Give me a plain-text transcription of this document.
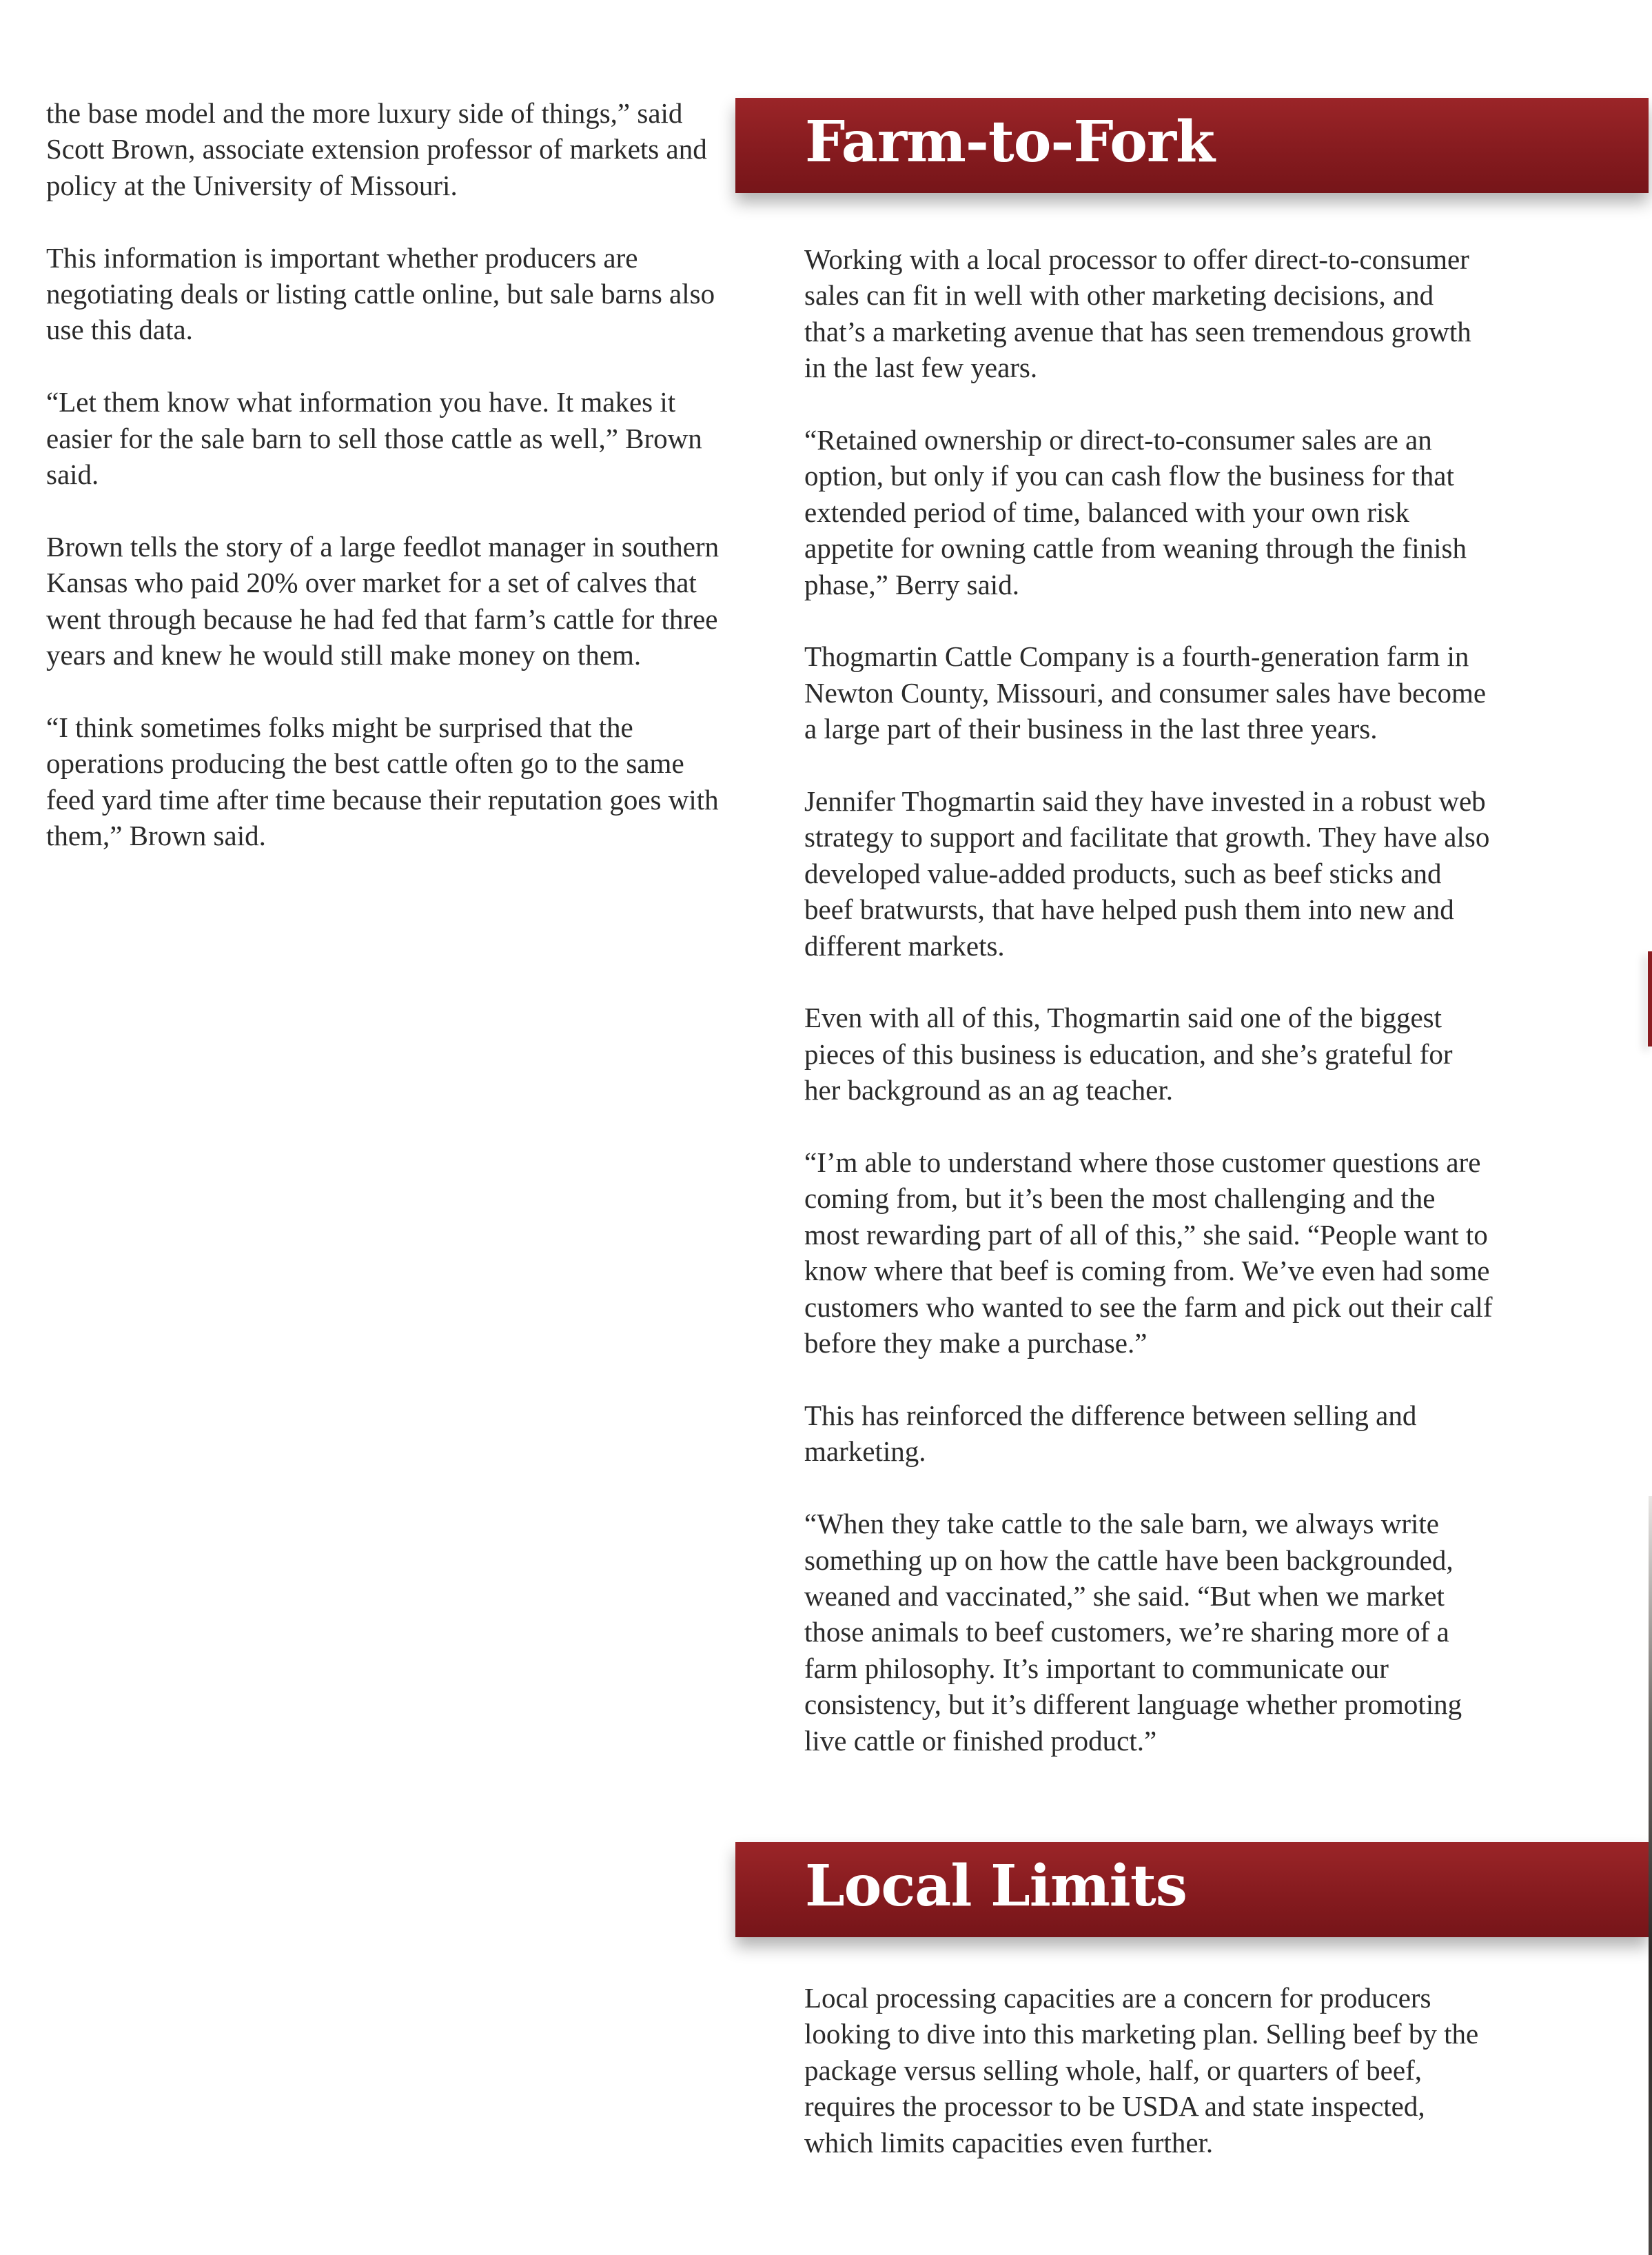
the base model and the more luxury side of things,” said Scott Brown, associate extension professor of markets and policy at the University of Missouri.

This information is important whether producers are negotiating deals or listing cattle online, but sale barns also use this data.

“Let them know what information you have. It makes it easier for the sale barn to sell those cattle as well,” Brown said.

Brown tells the story of a large feedlot manager in southern Kansas who paid 20% over market for a set of calves that went through because he had fed that farm’s cattle for three years and knew he would still make money on them.

“I think sometimes folks might be surprised that the operations producing the best cattle often go to the same feed yard time after time because their reputation goes with them,” Brown said.

Farm-to-Fork

Working with a local processor to offer direct-to-consumer sales can fit in well with other marketing decisions, and that’s a marketing avenue that has seen tremendous growth in the last few years.

“Retained ownership or direct-to-consumer sales are an option, but only if you can cash flow the business for that extended period of time, balanced with your own risk appetite for owning cattle from weaning through the finish phase,” Berry said.

Thogmartin Cattle Company is a fourth-generation farm in Newton County, Missouri, and consumer sales have become a large part of their business in the last three years.

Jennifer Thogmartin said they have invested in a robust web strategy to support and facilitate that growth. They have also developed value-added products, such as beef sticks and beef bratwursts, that have helped push them into new and different markets.

Even with all of this, Thogmartin said one of the biggest pieces of this business is education, and she’s grateful for her background as an ag teacher.

“I’m able to understand where those customer questions are coming from, but it’s been the most challenging and the most rewarding part of all of this,” she said. “People want to know where that beef is coming from. We’ve even had some customers who wanted to see the farm and pick out their calf before they make a purchase.”

This has reinforced the difference between selling and marketing.

“When they take cattle to the sale barn, we always write something up on how the cattle have been backgrounded, weaned and vaccinated,” she said. “But when we market those animals to beef customers, we’re sharing more of a farm philosophy. It’s important to communicate our consistency, but it’s different language whether promoting live cattle or finished product.”

Local Limits

Local processing capacities are a concern for producers looking to dive into this marketing plan. Selling beef by the package versus selling whole, half, or quarters of beef, requires the processor to be USDA and state inspected, which limits capacities even further.
